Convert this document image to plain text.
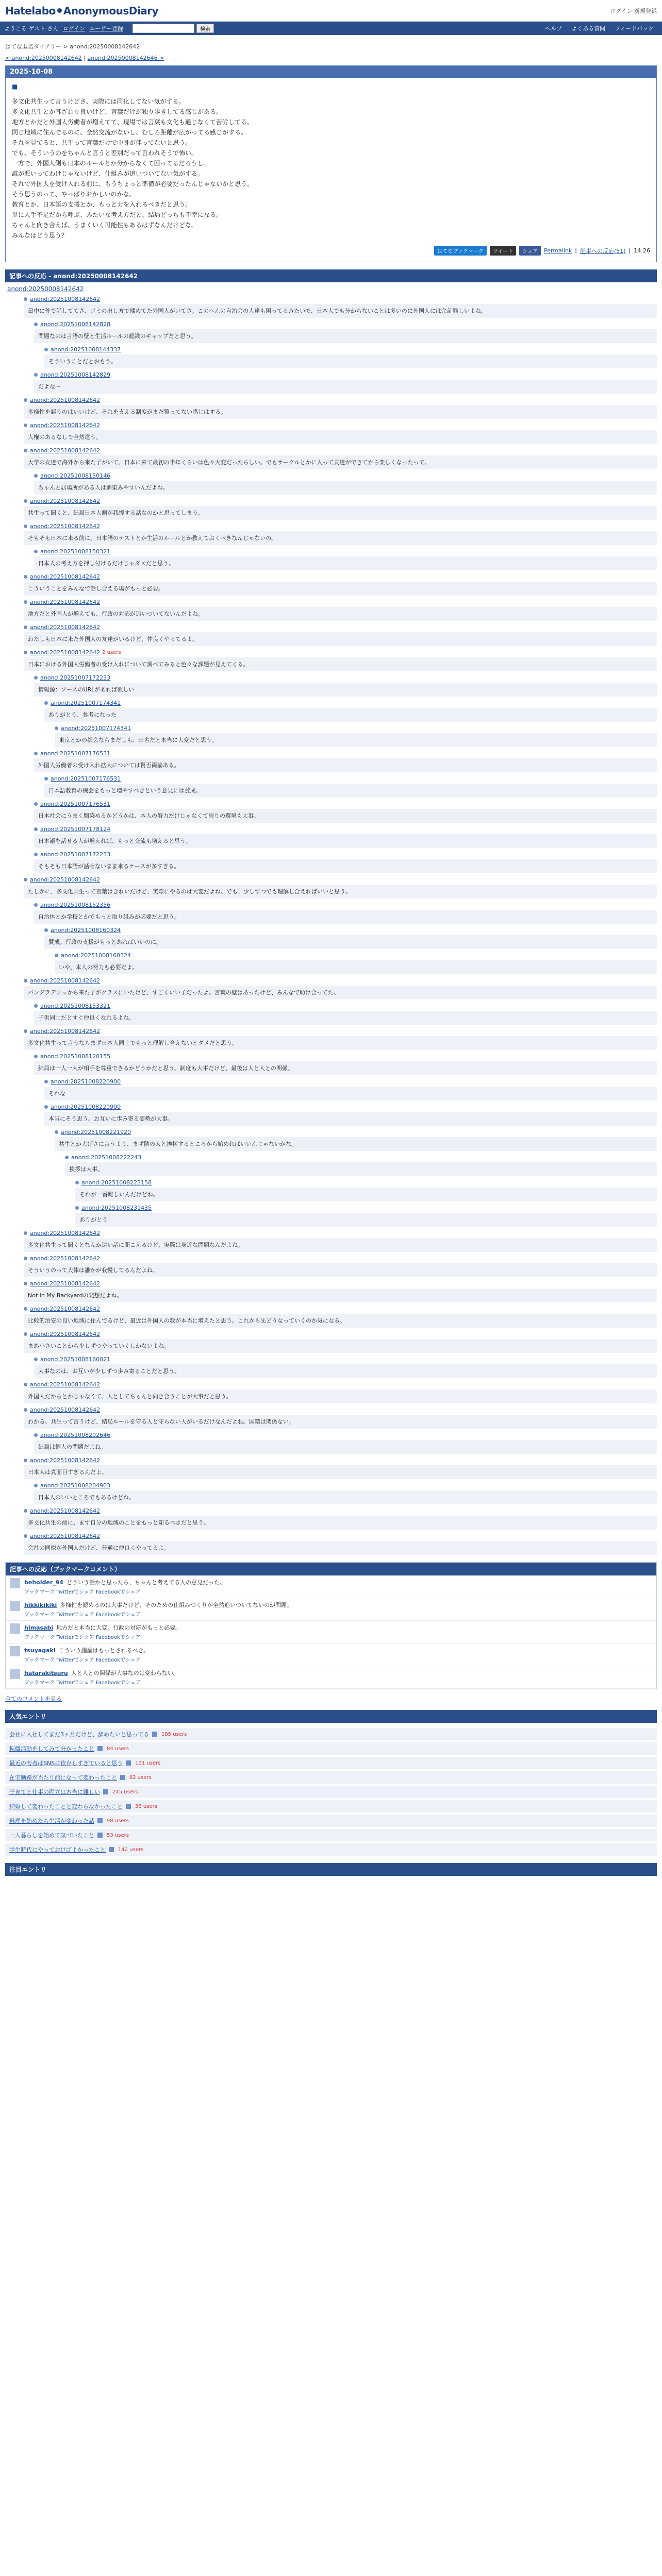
Hatelabo AnonymousDiary	ログイン 新規登録
ようこそ ゲスト さん ログイン ユーザー登録	検索	ヘルプ よくある質問 フィードバック
はてな匿名ダイアリー > anond:20250008142642
< anond:20250008142642 | anond:20250008142646 >
2025-10-08
■
多文化共生って言うけどさ、実際には同化してない気がする。
多文化共生とか耳ざわり良いけど、言葉だけが独り歩きしてる感じがある。
地方とかだと外国人労働者が増えてて、現場では言葉も文化も通じなくて苦労してる。
同じ地域に住んでるのに、全然交流がないし、むしろ距離が広がってる感じがする。
それを見てると、共生って言葉だけで中身が伴ってないと思う。
でも、そういうのをちゃんと言うと差別だって言われそうで怖い。
一方で、外国人側も日本のルールとか分からなくて困ってるだろうし。
誰が悪いってわけじゃないけど、仕組みが追いついてない気がする。
それで外国人を受け入れる前に、もうちょっと準備が必要だったんじゃないかと思う。
そう思うのって、やっぱりおかしいのかな。
教育とか、日本語の支援とか、もっと力を入れるべきだと思う。
単に人手不足だから呼ぶ、みたいな考え方だと、結局どっちも不幸になる。
ちゃんと向き合えば、うまくいく可能性もあるはずなんだけどな。
みんなはどう思う？
はてなブックマーク	ツイート	シェア	Permalink | 記事への反応(51) | 14:26
記事への反応 - anond:20250008142642
anond:20250008142642
anond:20251008142642
最中に外で話しててさ、ゴミの出し方で揉めてた外国人がいてさ。このへんの自治会の人達も困ってるみたいで、日本人でも分からないことは多いのに外国人には余計難しいよね。
anond:20251008142828
問題なのは言語の壁と生活ルールの認識のギャップだと思う。
anond:20251008144337
そういうことだとおもう。
anond:20251008142829
だよな〜
anond:20251008142642
多様性を謳うのはいいけど、それを支える制度がまだ整ってない感じはする。
anond:20251008142642
人権のあるなしで全然違う。
anond:20251008142642
大学の友達で海外から来た子がいて、日本に来て最初の半年くらいは色々大変だったらしい。でもサークルとかに入って友達ができてから楽しくなったって。
anond:20251008150146
ちゃんと居場所がある人は馴染みやすいんだよね。
anond:20251008142642
共生って聞くと、結局日本人側が我慢する話なのかと思ってしまう。
anond:20251008142642
そもそも日本に来る前に、日本語のテストとか生活のルールとか教えておくべきなんじゃないの。
anond:20251008150321
日本人の考え方を押し付けるだけじゃダメだと思う。
anond:20251008142642
こういうことをみんなで話し合える場がもっと必要。
anond:20251008142642
地方だと外国人が増えても、行政の対応が追いついてないんだよね。
anond:20251008142642
わたしも日本に来た外国人の友達がいるけど、仲良くやってるよ。
anond:20251008142642 2 users
日本における外国人労働者の受け入れについて調べてみると色々な課題が見えてくる。
anond:20251007172233
情報源：ソースのURLがあれば欲しい
anond:20251007174341
ありがとう、参考になった
anond:20251007174341
東京とかの都会ならまだしも、田舎だと本当に大変だと思う。
anond:20251007176531
外国人労働者の受け入れ拡大については賛否両論ある。
anond:20251007176531
日本語教育の機会をもっと増やすべきという意見には賛成。
anond:20251007176531
日本社会にうまく馴染めるかどうかは、本人の努力だけじゃなくて周りの環境も大事。
anond:20251007178124
日本語を話せる人が増えれば、もっと交流も増えると思う。
anond:20251007172233
そもそも日本語が話せないまま来るケースが多すぎる。
anond:20251008142642
たしかに、多文化共生って言葉はきれいだけど、実際にやるのは大変だよね。でも、少しずつでも理解し合えればいいと思う。
anond:20251008152356
自治体とか学校とかでもっと取り組みが必要だと思う。
anond:20251008160324
賛成。行政の支援がもっとあればいいのに。
anond:20251008160324
いや、本人の努力も必要だよ。
anond:20251008142642
バングラデシュから来た子がクラスにいたけど、すごくいい子だったよ。言葉の壁はあったけど、みんなで助け合ってた。
anond:20251008153321
子供同士だとすぐ仲良くなれるよね。
anond:20251008142642
多文化共生って言うならまず日本人同士でもっと理解し合えないとダメだと思う。
anond:20251008120155
結局は一人一人が相手を尊重できるかどうかだと思う。制度も大事だけど、最後は人と人との関係。
anond:20251008220900
それな
anond:20251008220900
本当にそう思う。お互いに歩み寄る姿勢が大事。
anond:20251008221920
共生とか大げさに言うより、まず隣の人と挨拶するところから始めればいいんじゃないかな。
anond:20251008222243
挨拶は大事。
anond:20251008223158
それが一番難しいんだけどね。
anond:20251008231435
ありがとう
anond:20251008142642
多文化共生って聞くとなんか遠い話に聞こえるけど、実際は身近な問題なんだよね。
anond:20251008142642
そういうのって大体は誰かが我慢してるんだよね。
anond:20251008142642
Not in My Backyardの発想だよね。
anond:20251008142642
比較的治安の良い地域に住んでるけど、最近は外国人の数が本当に増えたと思う。これから先どうなっていくのか気になる。
anond:20251008142642
まあ小さいことから少しずつやっていくしかないよね。
anond:20251008160021
大事なのは、お互いが少しずつ歩み寄ることだと思う。
anond:20251008142642
外国人だからとかじゃなくて、人としてちゃんと向き合うことが大事だと思う。
anond:20251008142642
わかる。共生って言うけど、結局ルールを守る人と守らない人がいるだけなんだよね。国籍は関係ない。
anond:20251008202646
結局は個人の問題だよね。
anond:20251008142642
日本人は真面目すぎるんだよ。
anond:20251008204903
日本人のいいところでもあるけどね。
anond:20251008142642
多文化共生の前に、まず自分の地域のことをもっと知るべきだと思う。
anond:20251008142642
会社の同僚が外国人だけど、普通に仲良くやってるよ。
記事への反応（ブックマークコメント）
beholder_94 どういう話かと思ったら、ちゃんと考えてる人の意見だった。
ブックマーク Twitterでシェア Facebookでシェア
hikkikikiki 多様性を認めるのは大事だけど、そのための仕組みづくりが全然追いついてないのが問題。
ブックマーク Twitterでシェア Facebookでシェア
himasabi 地方だと本当に大変。行政の対応がもっと必要。
ブックマーク Twitterでシェア Facebookでシェア
tsuyagaki こういう議論はもっとされるべき。
ブックマーク Twitterでシェア Facebookでシェア
hatarakitsuru 人と人との関係が大事なのは変わらない。
ブックマーク Twitterでシェア Facebookでシェア
全てのコメントを見る
人気エントリ
会社に入社してまだ3ヶ月だけど、辞めたいと思ってる 185 users
転職活動をしてみて分かったこと 84 users
最近の若者はSNSに依存しすぎていると思う 121 users
在宅勤務が当たり前になって変わったこと 62 users
子育てと仕事の両立は本当に難しい 245 users
結婚して変わったことと変わらなかったこと 36 users
料理を始めたら生活が変わった話 98 users
一人暮らしを始めて気づいたこと 53 users
学生時代にやっておけばよかったこと 142 users
注目エントリ
